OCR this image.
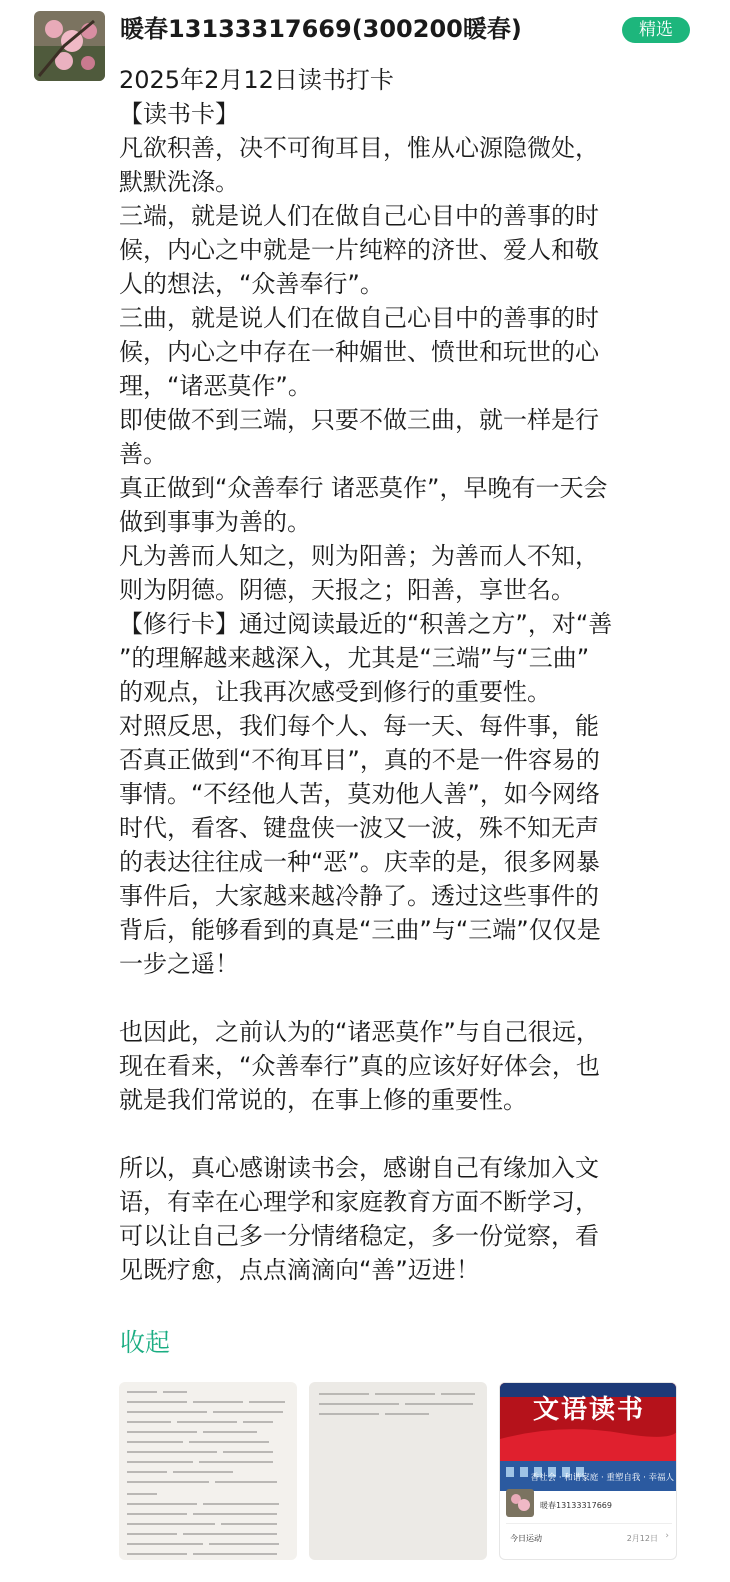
暖春13133317669(300200暖春)	精选

2025年2月12日读书打卡

【读书卡】

凡欲积善，决不可徇耳目，惟从心源隐微处，

默默洗涤。

三端，就是说人们在做自己心目中的善事的时

候，内心之中就是一片纯粹的济世、爱人和敬

人的想法，“众善奉行”。

三曲，就是说人们在做自己心目中的善事的时

候，内心之中存在一种媚世、愤世和玩世的心

理，“诸恶莫作”。

即使做不到三端，只要不做三曲，就一样是行

善。

真正做到“众善奉行 诸恶莫作”，早晚有一天会

做到事事为善的。

凡为善而人知之，则为阳善；为善而人不知，

则为阴德。阴德，天报之；阳善，享世名。

【修行卡】通过阅读最近的“积善之方”，对“善

”的理解越来越深入，尤其是“三端”与“三曲”

的观点，让我再次感受到修行的重要性。

对照反思，我们每个人、每一天、每件事，能

否真正做到“不徇耳目”，真的不是一件容易的

事情。“不经他人苦，莫劝他人善”，如今网络

时代，看客、键盘侠一波又一波，殊不知无声

的表达往往成一种“恶”。庆幸的是，很多网暴

事件后，大家越来越冷静了。透过这些事件的

背后，能够看到的真是“三曲”与“三端”仅仅是

一步之遥！

也因此，之前认为的“诸恶莫作”与自己很远，

现在看来，“众善奉行”真的应该好好体会，也

就是我们常说的，在事上修的重要性。

所以，真心感谢读书会，感谢自己有缘加入文

语，有幸在心理学和家庭教育方面不断学习，

可以让自己多一分情绪稳定，多一份觉察，看

见既疗愈，点点滴滴向“善”迈进！

收起
文语读书
香社会 · 和谐家庭 · 重塑自我 · 幸福人
暖春13133317669
今日运动	2月12日 ›
